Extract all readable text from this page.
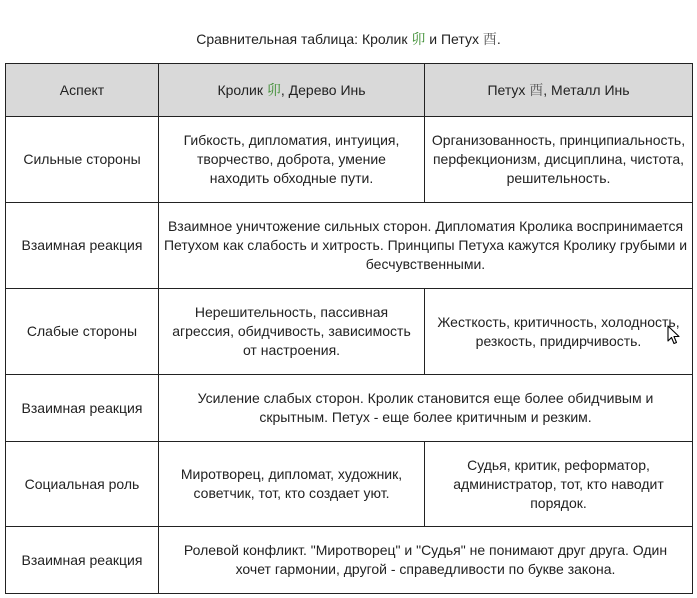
Сравнительная таблица: Кролик 卯 и Петух 酉.
Аспект	Кролик 卯, Дерево Инь	Петух 酉, Металл Инь
Сильные стороны	Гибкость, дипломатия, интуиция, творчество, доброта, умение находить обходные пути.	Организованность, принципиальность, перфекционизм, дисциплина, чистота, решительность.
Взаимная реакция	Взаимное уничтожение сильных сторон. Дипломатия Кролика воспринимается Петухом как слабость и хитрость. Принципы Петуха кажутся Кролику грубыми и бесчувственными.	
Слабые стороны	Нерешительность, пассивная агрессия, обидчивость, зависимость от настроения.	Жесткость, критичность, холодность, резкость, придирчивость.
Взаимная реакция	Усиление слабых сторон. Кролик становится еще более обидчивым и скрытным. Петух - еще более критичным и резким.	
Социальная роль	Миротворец, дипломат, художник, советчик, тот, кто создает уют.	Судья, критик, реформатор, администратор, тот, кто наводит порядок.
Взаимная реакция	Ролевой конфликт. "Миротворец" и "Судья" не понимают друг друга. Один хочет гармонии, другой - справедливости по букве закона.	
